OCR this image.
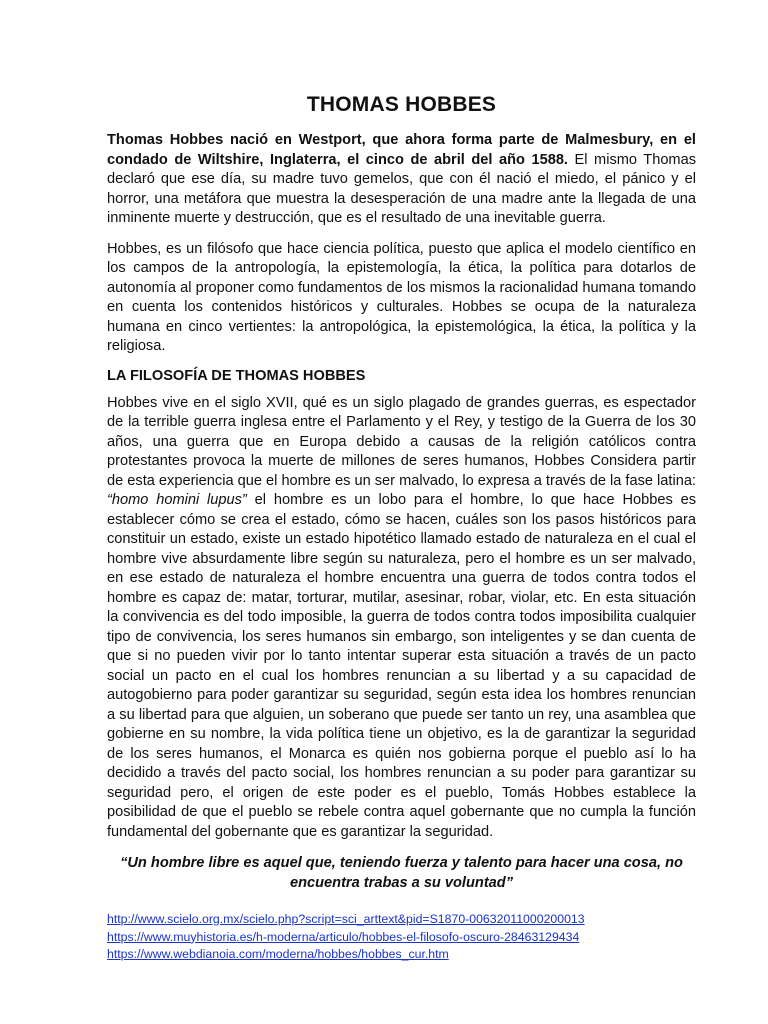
THOMAS HOBBES

Thomas Hobbes nació en Westport, que ahora forma parte de Malmesbury, en el condado de Wiltshire, Inglaterra, el cinco de abril del año 1588. El mismo Thomas declaró que ese día, su madre tuvo gemelos, que con él nació el miedo, el pánico y el horror, una metáfora que muestra la desesperación de una madre ante la llegada de una inminente muerte y destrucción, que es el resultado de una inevitable guerra.

Hobbes, es un filósofo que hace ciencia política, puesto que aplica el modelo científico en los campos de la antropología, la epistemología, la ética, la política para dotarlos de autonomía al proponer como fundamentos de los mismos la racionalidad humana tomando en cuenta los contenidos históricos y culturales. Hobbes se ocupa de la naturaleza humana en cinco vertientes: la antropológica, la epistemológica, la ética, la política y la religiosa.

LA FILOSOFÍA DE THOMAS HOBBES

Hobbes vive en el siglo XVII, qué es un siglo plagado de grandes guerras, es espectador de la terrible guerra inglesa entre el Parlamento y el Rey, y testigo de la Guerra de los 30 años, una guerra que en Europa debido a causas de la religión católicos contra protestantes provoca la muerte de millones de seres humanos, Hobbes Considera partir de esta experiencia que el hombre es un ser malvado, lo expresa a través de la fase latina: “homo homini lupus” el hombre es un lobo para el hombre, lo que hace Hobbes es establecer cómo se crea el estado, cómo se hacen, cuáles son los pasos históricos para constituir un estado, existe un estado hipotético llamado estado de naturaleza en el cual el hombre vive absurdamente libre según su naturaleza, pero el hombre es un ser malvado, en ese estado de naturaleza el hombre encuentra una guerra de todos contra todos el hombre es capaz de: matar, torturar, mutilar, asesinar, robar, violar, etc. En esta situación la convivencia es del todo imposible, la guerra de todos contra todos imposibilita cualquier tipo de convivencia, los seres humanos sin embargo, son inteligentes y se dan cuenta de que si no pueden vivir por lo tanto intentar superar esta situación a través de un pacto social un pacto en el cual los hombres renuncian a su libertad y a su capacidad de autogobierno para poder garantizar su seguridad, según esta idea los hombres renuncian a su libertad para que alguien, un soberano que puede ser tanto un rey, una asamblea que gobierne en su nombre, la vida política tiene un objetivo, es la de garantizar la seguridad de los seres humanos, el Monarca es quién nos gobierna porque el pueblo así lo ha decidido a través del pacto social, los hombres renuncian a su poder para garantizar su seguridad pero, el origen de este poder es el pueblo, Tomás Hobbes establece la posibilidad de que el pueblo se rebele contra aquel gobernante que no cumpla la función fundamental del gobernante que es garantizar la seguridad.

“Un hombre libre es aquel que, teniendo fuerza y talento para hacer una cosa, no
encuentra trabas a su voluntad”
http://www.scielo.org.mx/scielo.php?script=sci_arttext&pid=S1870-00632011000200013
https://www.muyhistoria.es/h-moderna/articulo/hobbes-el-filosofo-oscuro-28463129434
https://www.webdianoia.com/moderna/hobbes/hobbes_cur.htm
